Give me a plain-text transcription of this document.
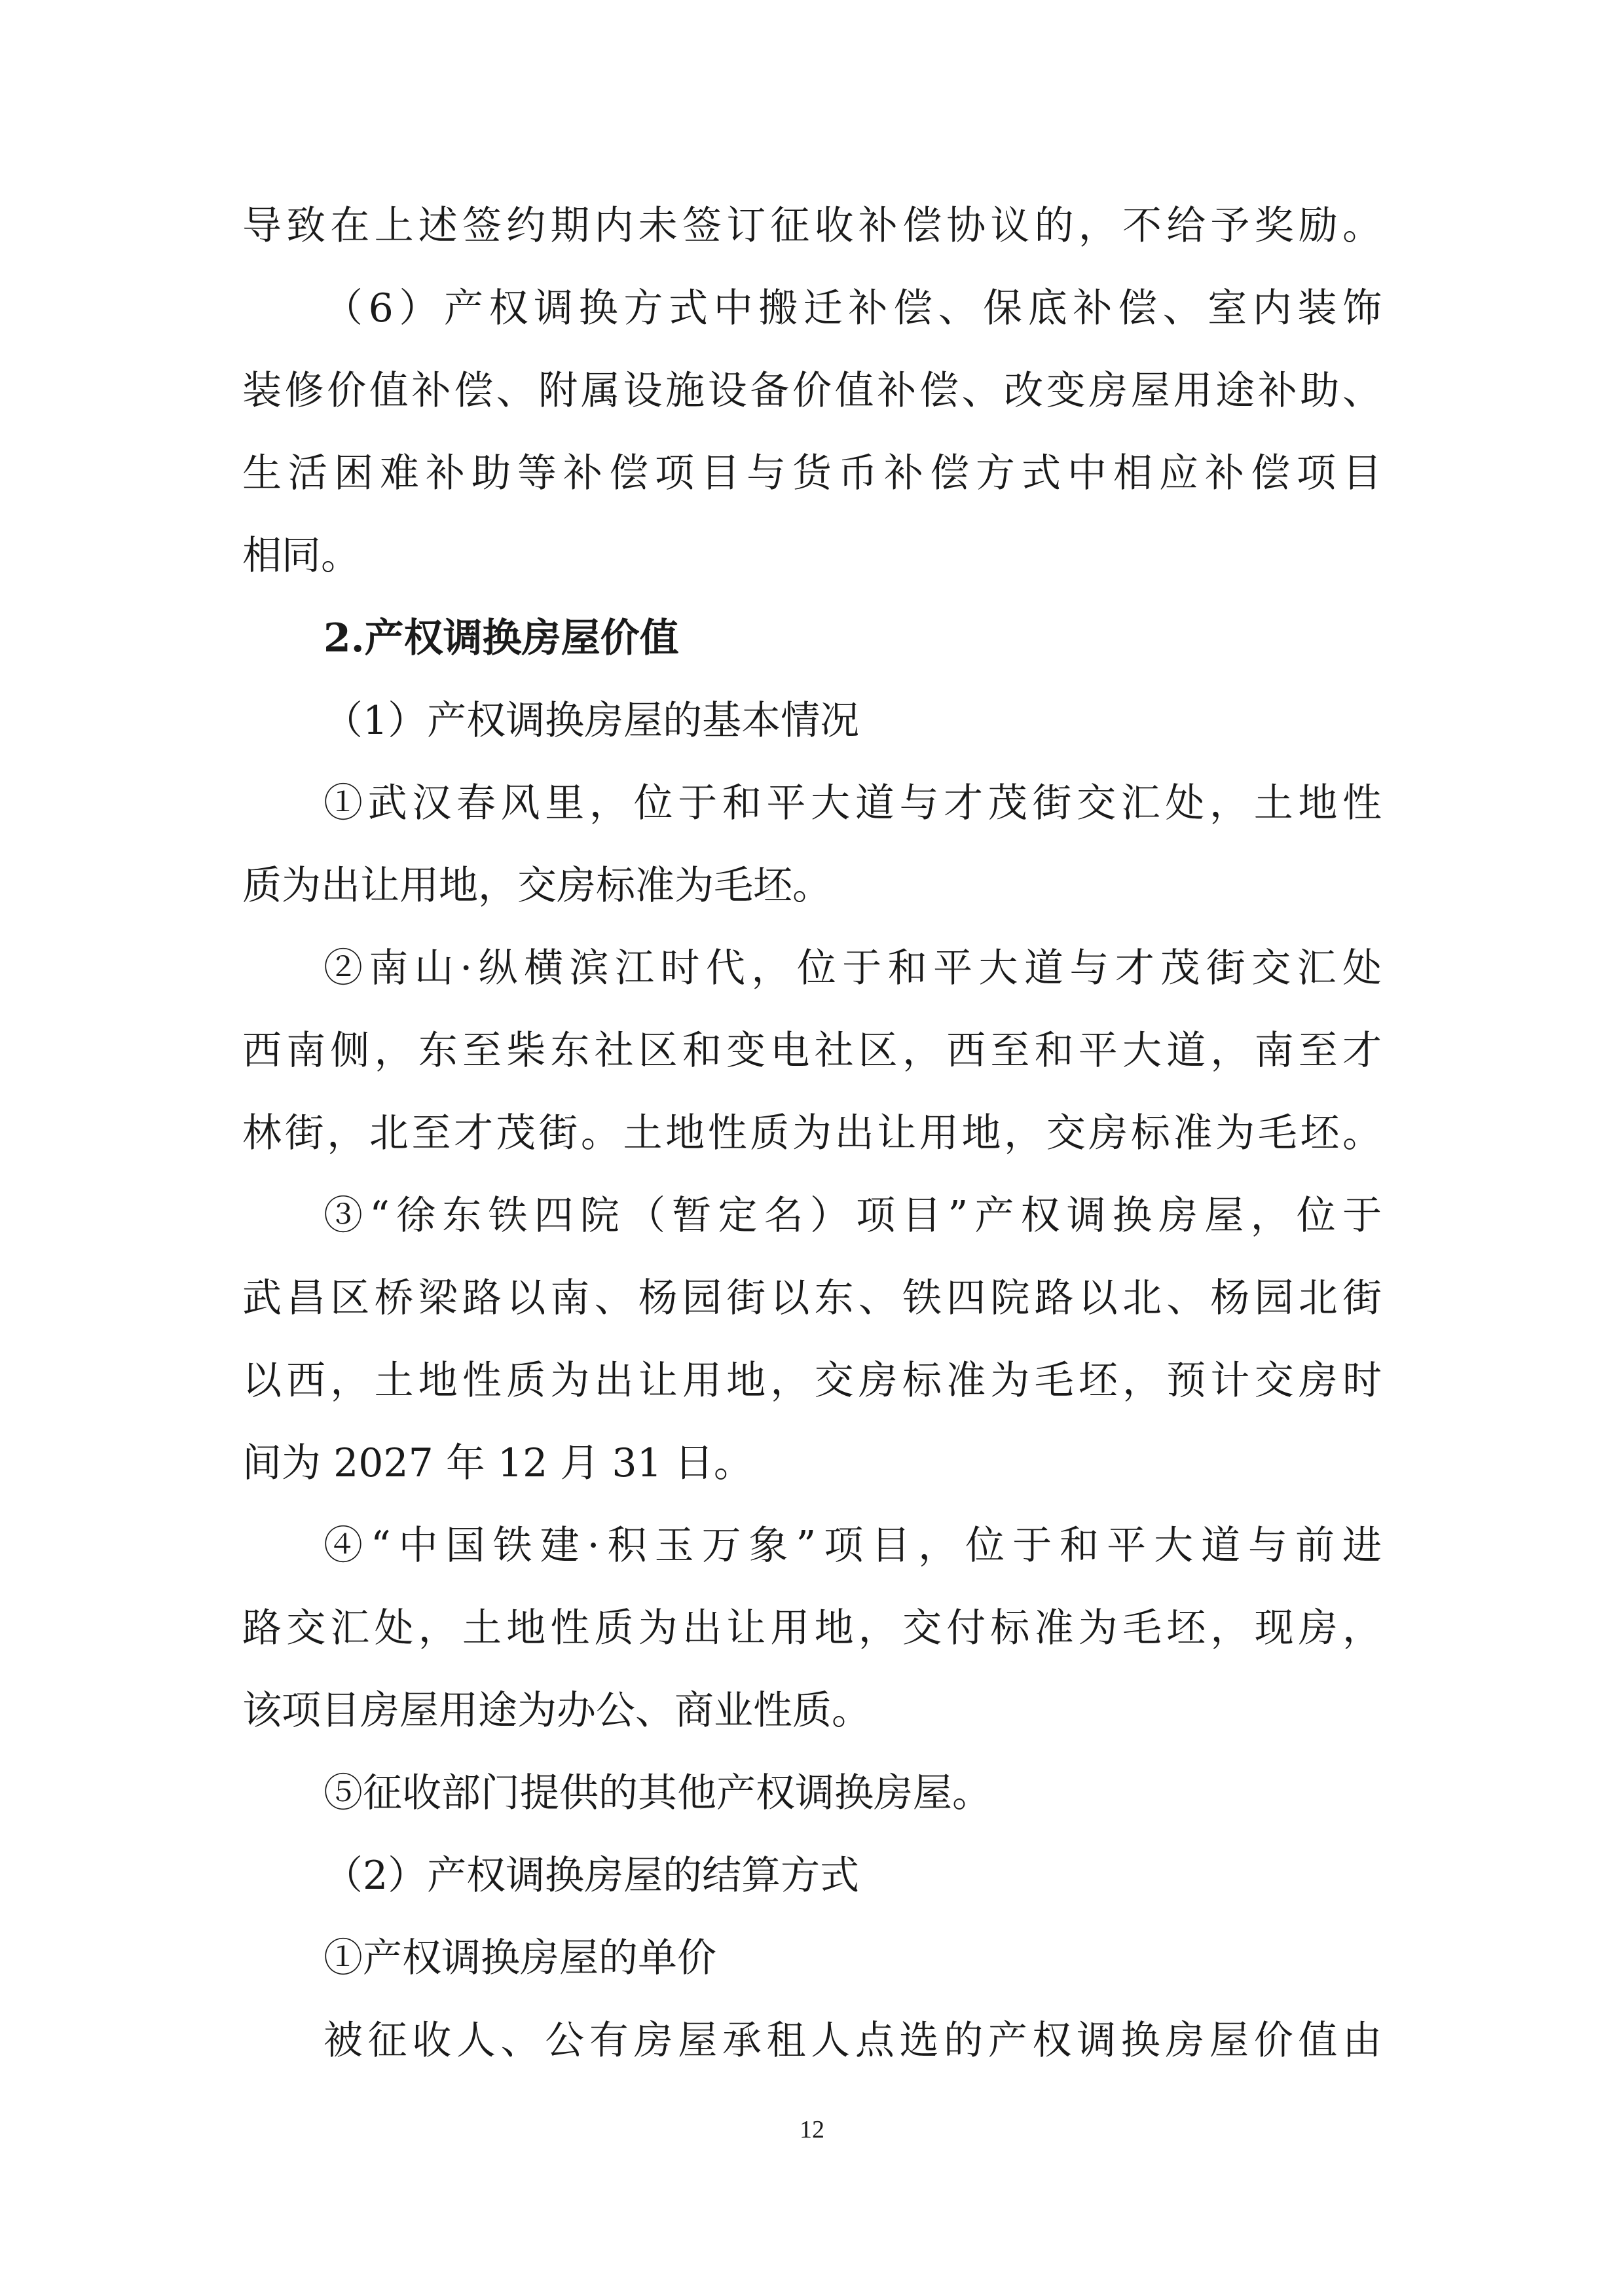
导致在上述签约期内未签订征收补偿协议的，不给予奖励。
（6）产权调换方式中搬迁补偿、保底补偿、室内装饰
装修价值补偿、附属设施设备价值补偿、改变房屋用途补助、
生活困难补助等补偿项目与货币补偿方式中相应补偿项目
相同。
2.产权调换房屋价值
（1）产权调换房屋的基本情况
①武汉春风里，位于和平大道与才茂街交汇处，土地性
质为出让用地，交房标准为毛坯。
②南山·纵横滨江时代，位于和平大道与才茂街交汇处
西南侧，东至柴东社区和变电社区，西至和平大道，南至才
林街，北至才茂街。土地性质为出让用地，交房标准为毛坯。
③“徐东铁四院（暂定名）项目”产权调换房屋，位于
武昌区桥梁路以南、杨园街以东、铁四院路以北、杨园北街
以西，土地性质为出让用地，交房标准为毛坯，预计交房时
间为 2027 年 12 月 31 日。
④“中国铁建·积玉万象”项目，位于和平大道与前进
路交汇处，土地性质为出让用地，交付标准为毛坯，现房，
该项目房屋用途为办公、商业性质。
⑤征收部门提供的其他产权调换房屋。
（2）产权调换房屋的结算方式
①产权调换房屋的单价
被征收人、公有房屋承租人点选的产权调换房屋价值由
12
